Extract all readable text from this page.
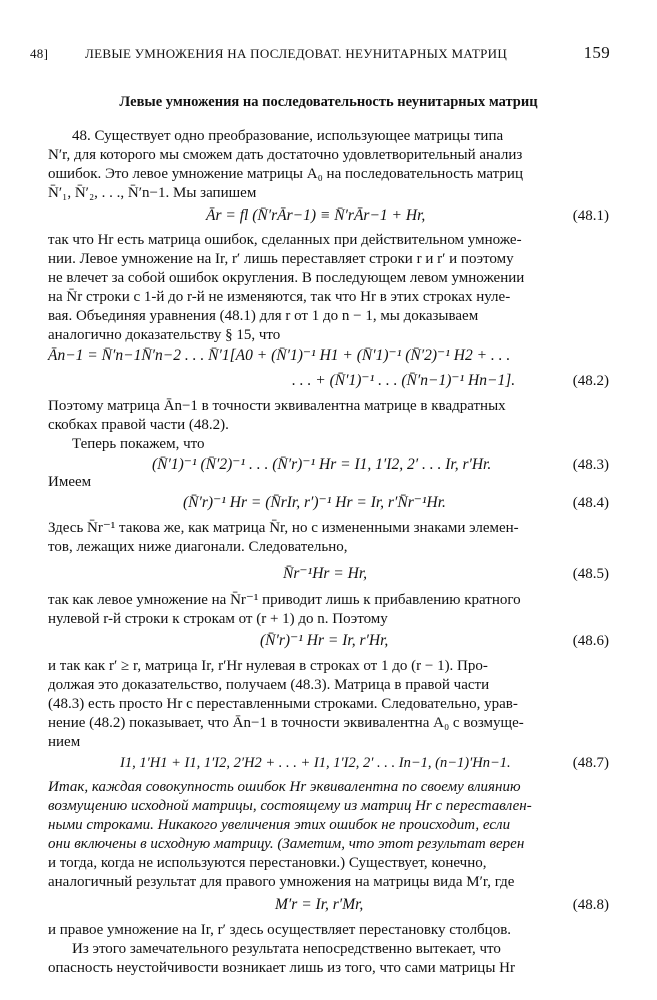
48]	ЛЕВЫЕ УМНОЖЕНИЯ НА ПОСЛЕДОВАТ. НЕУНИТАРНЫХ МАТРИЦ	159
Левые умножения на последовательность неунитарных матриц
48. Существует одно преобразование, использующее матрицы типа
N′r, для которого мы сможем дать достаточно удовлетворительный анализ
ошибок. Это левое умножение матрицы A₀ на последовательность матриц
N̄′₁, N̄′₂, . . ., N̄′n−1. Мы запишем
Ār = fl (N̄′rĀr−1) ≡ N̄′rĀr−1 + Hr,	(48.1)
так что Hr есть матрица ошибок, сделанных при действительном умноже-
нии. Левое умножение на Ir, r′ лишь переставляет строки r и r′ и поэтому
не влечет за собой ошибок округления. В последующем левом умножении
на N̄r строки с 1-й до r-й не изменяются, так что Hr в этих строках нуле-
вая. Объединяя уравнения (48.1) для r от 1 до n − 1, мы доказываем
аналогично доказательству § 15, что
Ān−1 = N̄′n−1N̄′n−2 . . . N̄′1[A0 + (N̄′1)⁻¹ H1 + (N̄′1)⁻¹ (N̄′2)⁻¹ H2 + . . .
. . . + (N̄′1)⁻¹ . . . (N̄′n−1)⁻¹ Hn−1].	(48.2)
Поэтому матрица Ān−1 в точности эквивалентна матрице в квадратных
скобках правой части (48.2).
Теперь покажем, что
(N̄′1)⁻¹ (N̄′2)⁻¹ . . . (N̄′r)⁻¹ Hr = I1, 1′I2, 2′ . . . Ir, r′Hr.	(48.3)
Имеем
(N̄′r)⁻¹ Hr = (N̄rIr, r′)⁻¹ Hr = Ir, r′N̄r⁻¹Hr.	(48.4)
Здесь N̄r⁻¹ такова же, как матрица N̄r, но с измененными знаками элемен-
тов, лежащих ниже диагонали. Следовательно,
N̄r⁻¹Hr = Hr,	(48.5)
так как левое умножение на N̄r⁻¹ приводит лишь к прибавлению кратного
нулевой r-й строки к строкам от (r + 1) до n. Поэтому
(N̄′r)⁻¹ Hr = Ir, r′Hr,	(48.6)
и так как r′ ≥ r, матрица Ir, r′Hr нулевая в строках от 1 до (r − 1). Про-
должая это доказательство, получаем (48.3). Матрица в правой части
(48.3) есть просто Hr с переставленными строками. Следовательно, урав-
нение (48.2) показывает, что Ān−1 в точности эквивалентна A₀ с возмуще-
нием
I1, 1′H1 + I1, 1′I2, 2′H2 + . . . + I1, 1′I2, 2′ . . . In−1, (n−1)′Hn−1.	(48.7)
Итак, каждая совокупность ошибок Hr эквивалентна по своему влиянию
возмущению исходной матрицы, состоящему из матриц Hr с переставлен-
ными строками. Никакого увеличения этих ошибок не происходит, если
они включены в исходную матрицу. (Заметим, что этот результат верен
и тогда, когда не используются перестановки.) Существует, конечно,
аналогичный результат для правого умножения на матрицы вида M′r, где
M′r = Ir, r′Mr,	(48.8)
и правое умножение на Ir, r′ здесь осуществляет перестановку столбцов.
Из этого замечательного результата непосредственно вытекает, что
опасность неустойчивости возникает лишь из того, что сами матрицы Hr
